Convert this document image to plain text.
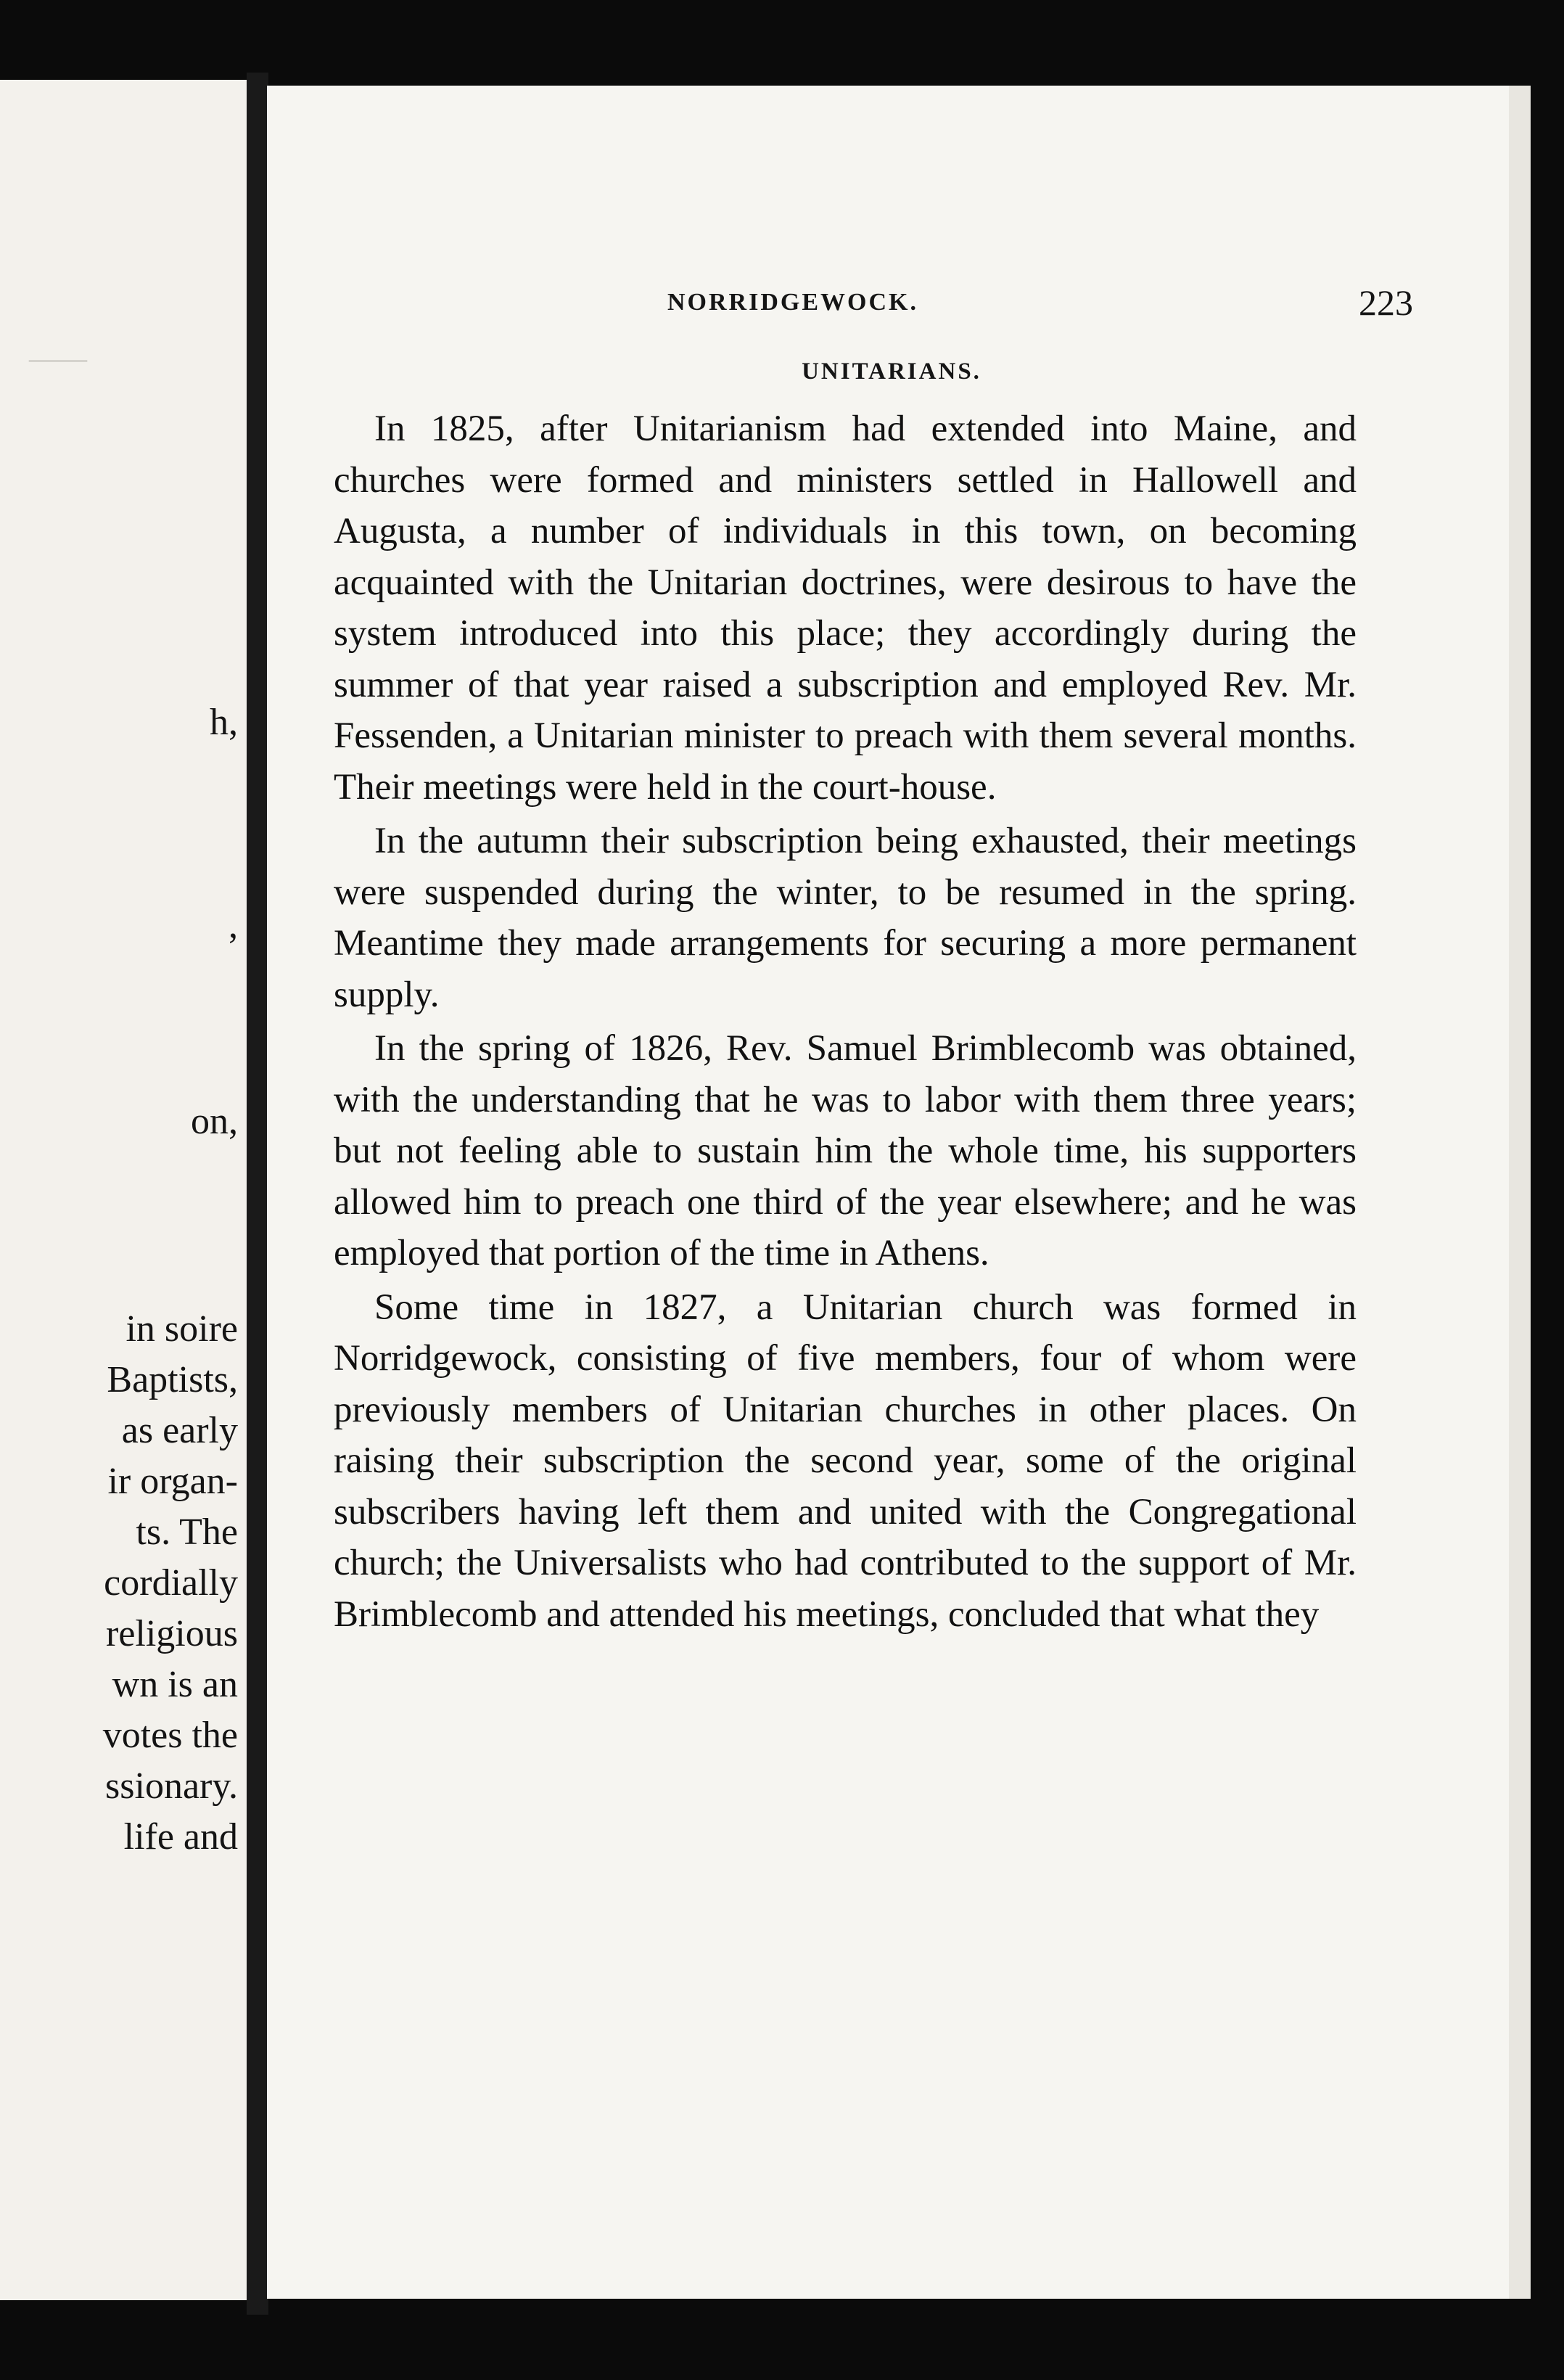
——
h,
,
on,
in soire
Baptists,
as early
ir organ-
ts. The
cordially
religious
wn is an
votes the
ssionary.
life and
NORRIDGEWOCK.	223
UNITARIANS.

In 1825, after Unitarianism had extended into Maine, and churches were formed and ministers settled in Hallowell and Augusta, a number of individuals in this town, on becoming acquainted with the Unitarian doctrines, were desirous to have the system introduced into this place; they accordingly during the summer of that year raised a subscription and employed Rev. Mr. Fessenden, a Unitarian minister to preach with them several months. Their meetings were held in the court-house.

In the autumn their subscription being exhausted, their meetings were suspended during the winter, to be resumed in the spring. Meantime they made arrangements for securing a more permanent supply.

In the spring of 1826, Rev. Samuel Brimblecomb was obtained, with the understanding that he was to labor with them three years; but not feeling able to sustain him the whole time, his supporters allowed him to preach one third of the year elsewhere; and he was employed that portion of the time in Athens.

Some time in 1827, a Unitarian church was formed in Norridgewock, consisting of five members, four of whom were previously members of Unitarian churches in other places. On raising their subscription the second year, some of the original subscribers having left them and united with the Congregational church; the Universalists who had contributed to the support of Mr. Brimblecomb and attended his meetings, concluded that what they
